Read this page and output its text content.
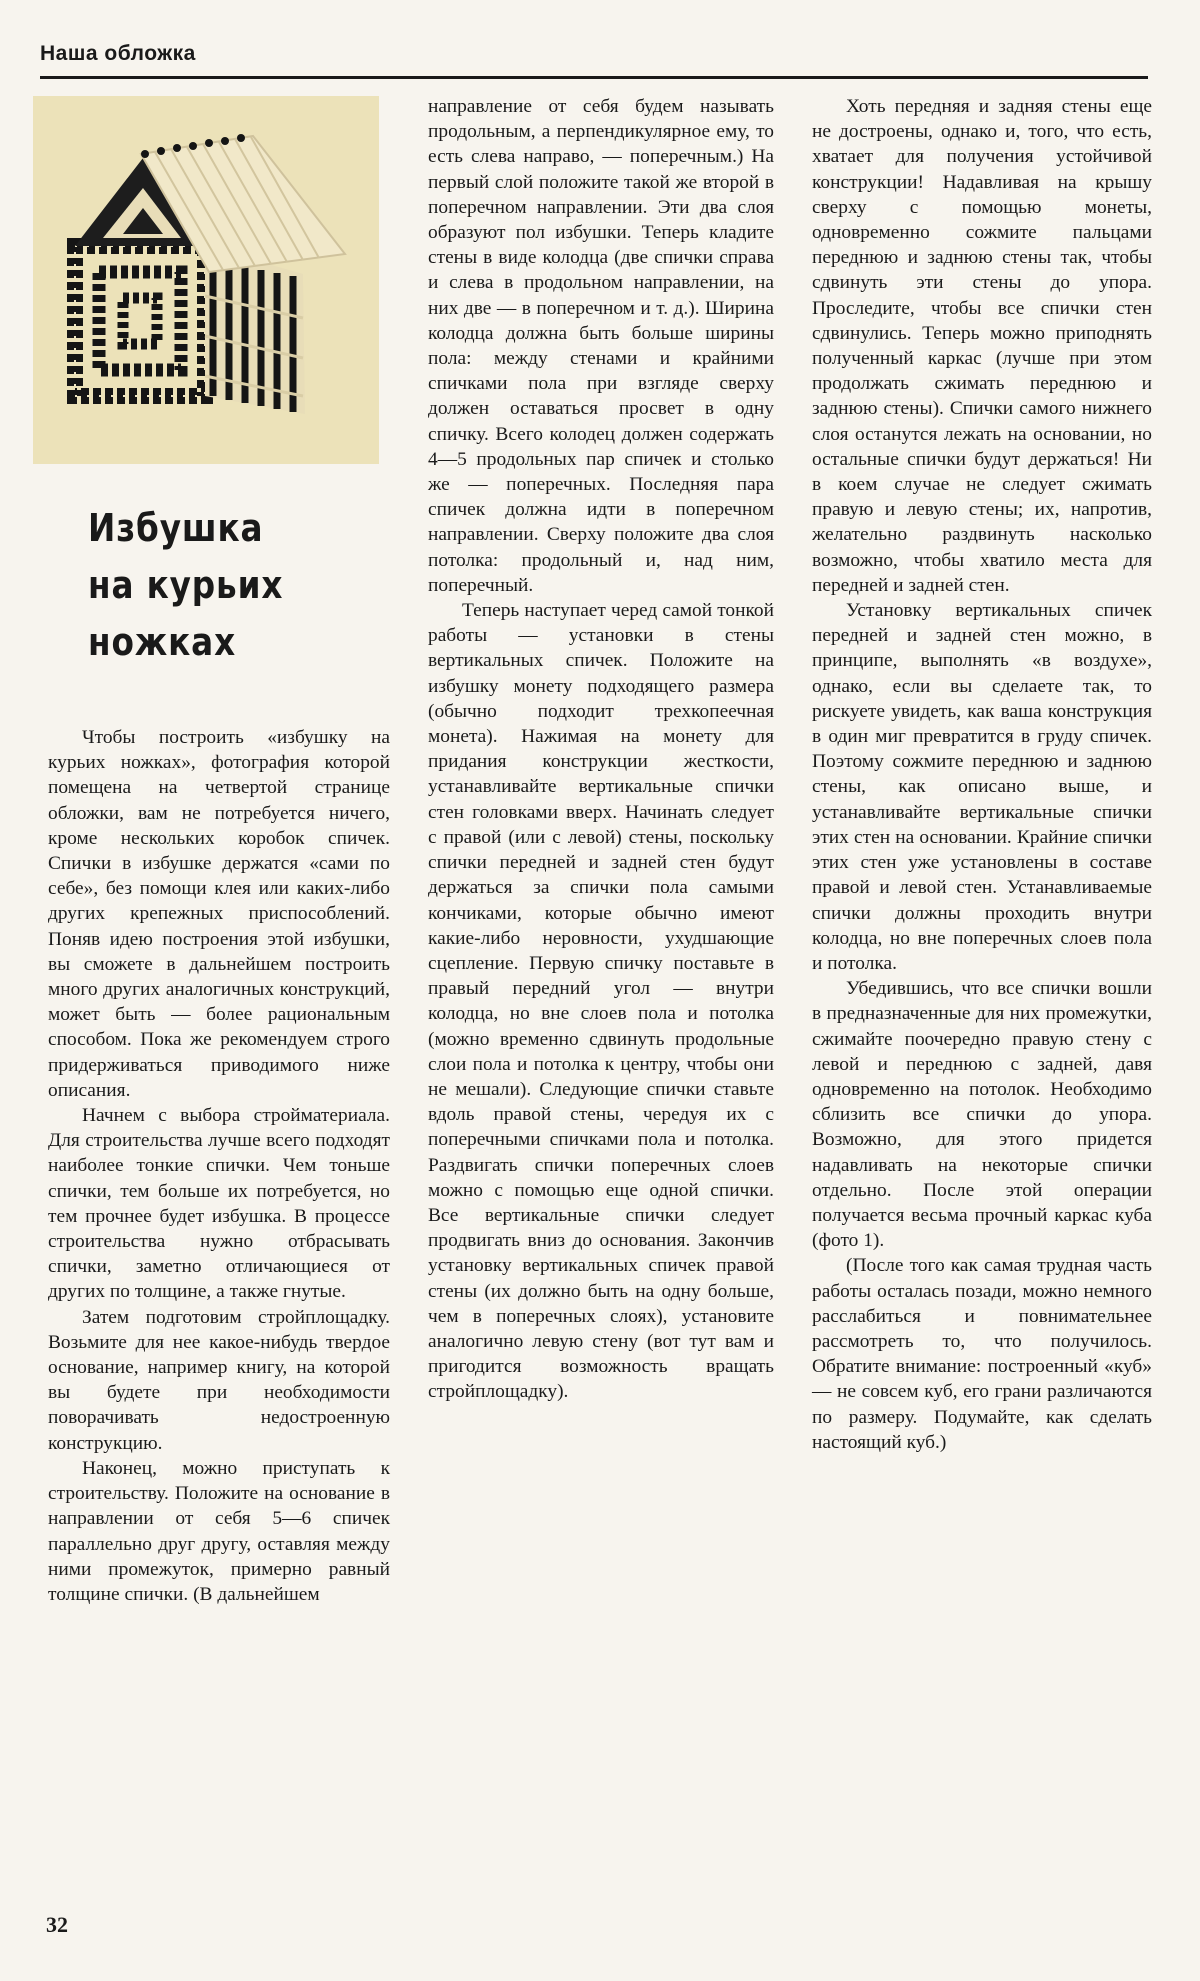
Наша обложка
Избушка
на курьих
ножках

Чтобы построить «избушку на курьих ножках», фотография которой помещена на четвертой странице обложки, вам не потребуется ничего, кроме нескольких коробок спичек. Спички в избушке держатся «сами по себе», без помощи клея или каких-либо других крепежных приспособлений. Поняв идею построения этой избушки, вы сможете в дальнейшем построить много других аналогичных конструкций, может быть — более рациональным способом. Пока же рекомендуем строго придерживаться приводимого ниже описания.

Начнем с выбора стройматериала. Для строительства лучше всего подходят наиболее тонкие спички. Чем тоньше спички, тем больше их потребуется, но тем прочнее будет избушка. В процессе строительства нужно отбрасывать спички, заметно отличающиеся от других по толщине, а также гнутые.

Затем подготовим стройплощадку. Возьмите для нее какое-нибудь твердое основание, например книгу, на которой вы будете при необходимости поворачивать недостроенную конструкцию.

Наконец, можно приступать к строительству. Положите на основание в направлении от себя 5—6 спичек параллельно друг другу, оставляя между ними промежуток, примерно равный толщине спички. (В дальнейшем

направление от себя будем называть продольным, а перпендикулярное ему, то есть слева направо, — поперечным.) На первый слой положите такой же второй в поперечном направлении. Эти два слоя образуют пол избушки. Теперь кладите стены в виде колодца (две спички справа и слева в продольном направлении, на них две — в поперечном и т. д.). Ширина колодца должна быть больше ширины пола: между стенами и крайними спичками пола при взгляде сверху должен оставаться просвет в одну спичку. Всего колодец должен содержать 4—5 продольных пар спичек и столько же — поперечных. Последняя пара спичек должна идти в поперечном направлении. Сверху положите два слоя потолка: продольный и, над ним, поперечный.

Теперь наступает черед самой тонкой работы — установки в стены вертикальных спичек. Положите на избушку монету подходящего размера (обычно подходит трехкопеечная монета). Нажимая на монету для придания конструкции жесткости, устанавливайте вертикальные спички стен головками вверх. Начинать следует с правой (или с левой) стены, поскольку спички передней и задней стен будут держаться за спички пола самыми кончиками, которые обычно имеют какие-либо неровности, ухудшающие сцепление. Первую спичку поставьте в правый передний угол — внутри колодца, но вне слоев пола и потолка (можно временно сдвинуть продольные слои пола и потолка к центру, чтобы они не мешали). Следующие спички ставьте вдоль правой стены, чередуя их с поперечными спичками пола и потолка. Раздвигать спички поперечных слоев можно с помощью еще одной спички. Все вертикальные спички следует продвигать вниз до основания. Закончив установку вертикальных спичек правой стены (их должно быть на одну больше, чем в поперечных слоях), установите аналогично левую стену (вот тут вам и пригодится возможность вращать стройплощадку).

Хоть передняя и задняя стены еще не достроены, однако и, того, что есть, хватает для получения устойчивой конструкции! Надавливая на крышу сверху с помощью монеты, одновременно сожмите пальцами переднюю и заднюю стены так, чтобы сдвинуть эти стены до упора. Проследите, чтобы все спички стен сдвинулись. Теперь можно приподнять полученный каркас (лучше при этом продолжать сжимать переднюю и заднюю стены). Спички самого нижнего слоя останутся лежать на основании, но остальные спички будут держаться! Ни в коем случае не следует сжимать правую и левую стены; их, напротив, желательно раздвинуть насколько возможно, чтобы хватило места для передней и задней стен.

Установку вертикальных спичек передней и задней стен можно, в принципе, выполнять «в воздухе», однако, если вы сделаете так, то рискуете увидеть, как ваша конструкция в один миг превратится в груду спичек. Поэтому сожмите переднюю и заднюю стены, как описано выше, и устанавливайте вертикальные спички этих стен на основании. Крайние спички этих стен уже установлены в составе правой и левой стен. Устанавливаемые спички должны проходить внутри колодца, но вне поперечных слоев пола и потолка.

Убедившись, что все спички вошли в предназначенные для них промежутки, сжимайте поочередно правую стену с левой и переднюю с задней, давя одновременно на потолок. Необходимо сблизить все спички до упора. Возможно, для этого придется надавливать на некоторые спички отдельно. После этой операции получается весьма прочный каркас куба (фото 1).

(После того как самая трудная часть работы осталась позади, можно немного расслабиться и повнимательнее рассмотреть то, что получилось. Обратите внимание: построенный «куб» — не совсем куб, его грани различаются по размеру. Подумайте, как сделать настоящий куб.)

32
